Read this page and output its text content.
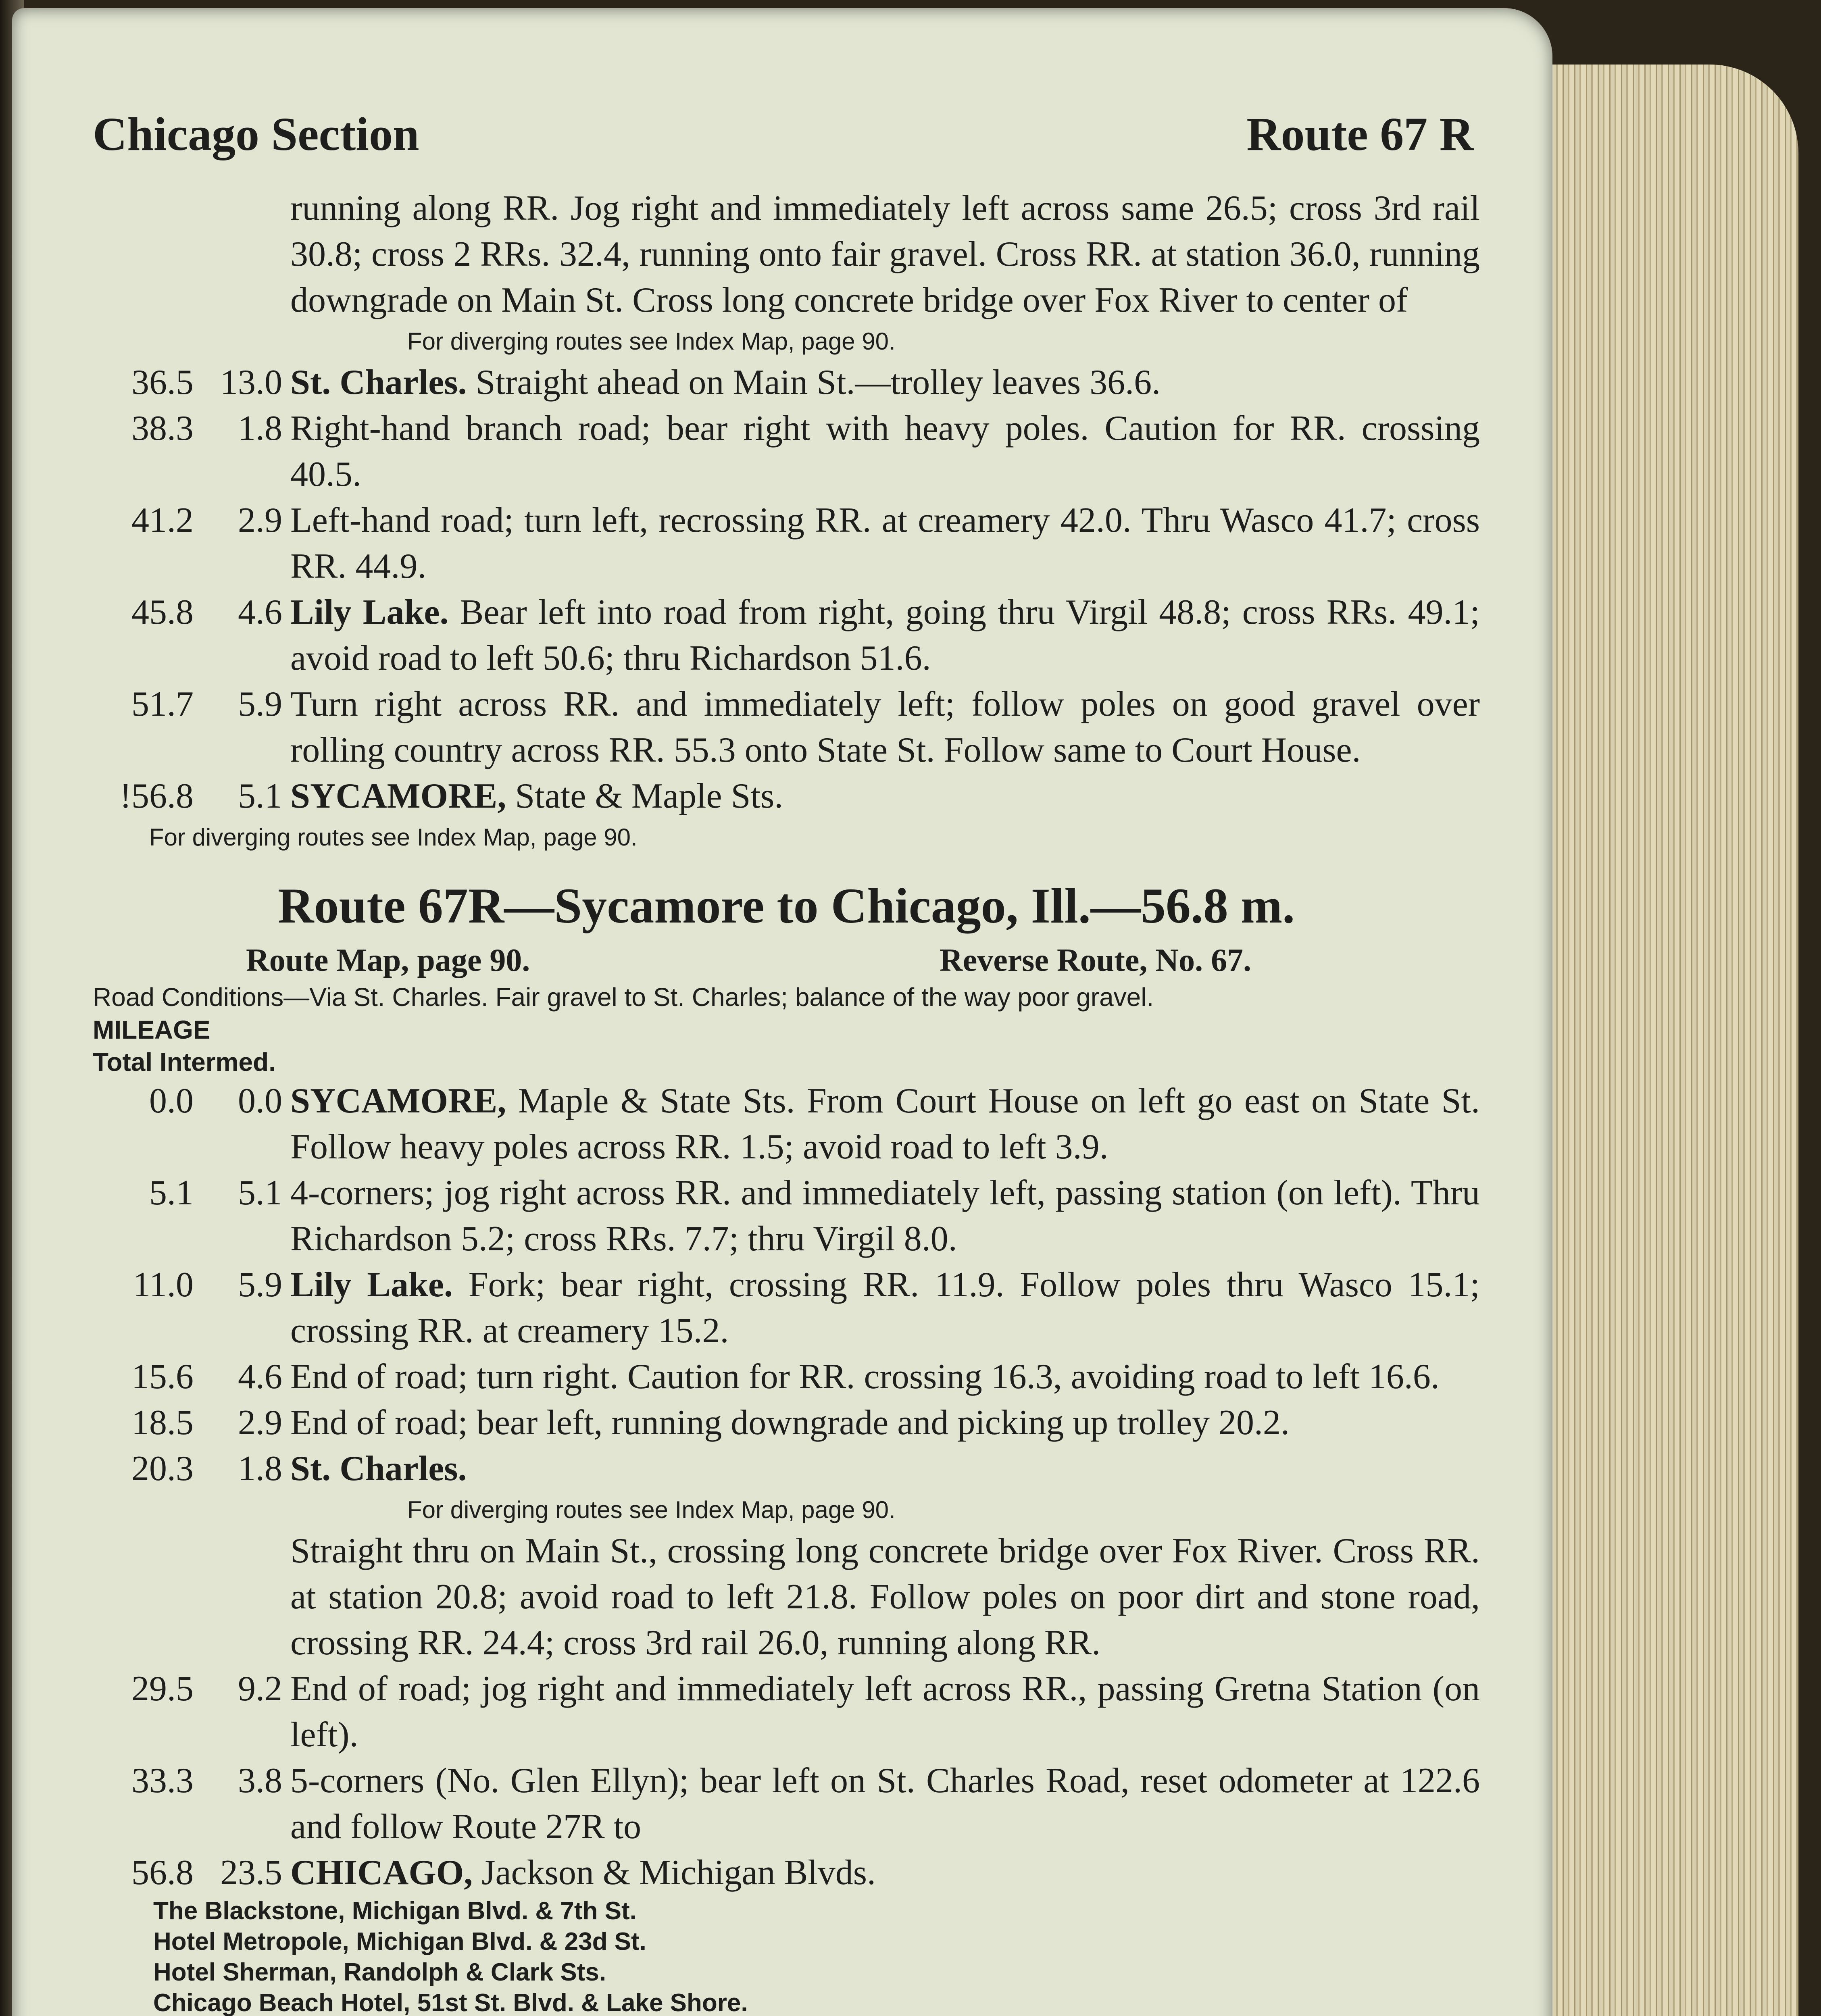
Chicago Section	Route 67 R
running along RR. Jog right and immediately left across same 26.5; cross 3rd rail 30.8; cross 2 RRs. 32.4, running onto fair gravel. Cross RR. at station 36.0, running downgrade on Main St. Cross long concrete bridge over Fox River to center of
For diverging routes see Index Map, page 90.
36.5 13.0 St. Charles. Straight ahead on Main St.—trolley leaves 36.6.
38.3	1.8 Right-hand branch road; bear right with heavy poles. Caution for RR. crossing 40.5.
41.2	2.9 Left-hand road; turn left, recrossing RR. at creamery 42.0. Thru Wasco 41.7; cross RR. 44.9.
45.8	4.6 Lily Lake. Bear left into road from right, going thru Virgil 48.8; cross RRs. 49.1; avoid road to left 50.6; thru Richardson 51.6.
51.7	5.9 Turn right across RR. and immediately left; follow poles on good gravel over rolling country across RR. 55.3 onto State St. Follow same to Court House.
!56.8	5.1 SYCAMORE, State & Maple Sts.
For diverging routes see Index Map, page 90.
Route 67R—Sycamore to Chicago, Ill.—56.8 m.
Route Map, page 90.	Reverse Route, No. 67.
Road Conditions—Via St. Charles. Fair gravel to St. Charles; balance of the way poor gravel.
MILEAGE
Total Intermed.
0.0	0.0 SYCAMORE, Maple & State Sts. From Court House on left go east on State St. Follow heavy poles across RR. 1.5; avoid road to left 3.9.
5.1	5.1 4-corners; jog right across RR. and immediately left, passing station (on left). Thru Richardson 5.2; cross RRs. 7.7; thru Virgil 8.0.
11.0	5.9 Lily Lake. Fork; bear right, crossing RR. 11.9. Follow poles thru Wasco 15.1; crossing RR. at creamery 15.2.
15.6	4.6 End of road; turn right. Caution for RR. crossing 16.3, avoiding road to left 16.6.
18.5	2.9 End of road; bear left, running downgrade and picking up trolley 20.2.
20.3	1.8 St. Charles.
For diverging routes see Index Map, page 90.
Straight thru on Main St., crossing long concrete bridge over Fox River. Cross RR. at station 20.8; avoid road to left 21.8. Follow poles on poor dirt and stone road, crossing RR. 24.4; cross 3rd rail 26.0, running along RR.
29.5	9.2 End of road; jog right and immediately left across RR., passing Gretna Station (on left).
33.3	3.8 5-corners (No. Glen Ellyn); bear left on St. Charles Road, reset odometer at 122.6 and follow Route 27R to
56.8 23.5 CHICAGO, Jackson & Michigan Blvds.
The Blackstone, Michigan Blvd. & 7th St.
Hotel Metropole, Michigan Blvd. & 23d St.
Hotel Sherman, Randolph & Clark Sts.
Chicago Beach Hotel, 51st St. Blvd. & Lake Shore.
